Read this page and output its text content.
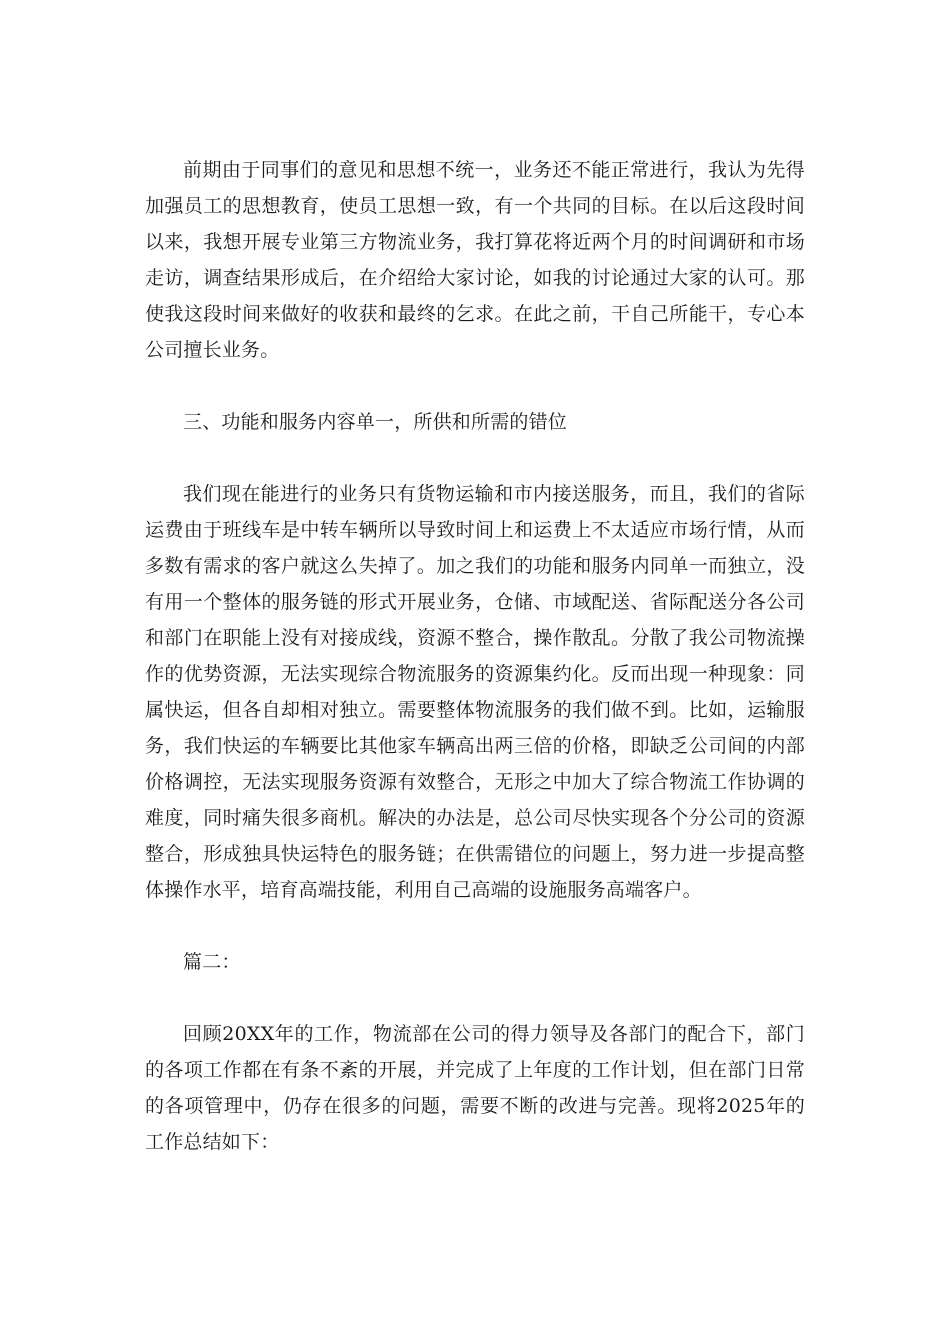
前期由于同事们的意见和思想不统一，业务还不能正常进行，我认为先得加强员工的思想教育，使员工思想一致，有一个共同的目标。在以后这段时间以来，我想开展专业第三方物流业务，我打算花将近两个月的时间调研和市场走访，调查结果形成后，在介绍给大家讨论，如我的讨论通过大家的认可。那使我这段时间来做好的收获和最终的乞求。在此之前，干自己所能干，专心本公司擅长业务。

三、功能和服务内容单一，所供和所需的错位

我们现在能进行的业务只有货物运输和市内接送服务，而且，我们的省际运费由于班线车是中转车辆所以导致时间上和运费上不太适应市场行情，从而多数有需求的客户就这么失掉了。加之我们的功能和服务内同单一而独立，没有用一个整体的服务链的形式开展业务，仓储、市域配送、省际配送分各公司和部门在职能上没有对接成线，资源不整合，操作散乱。分散了我公司物流操作的优势资源，无法实现综合物流服务的资源集约化。反而出现一种现象：同属快运，但各自却相对独立。需要整体物流服务的我们做不到。比如，运输服务，我们快运的车辆要比其他家车辆高出两三倍的价格，即缺乏公司间的内部价格调控，无法实现服务资源有效整合，无形之中加大了综合物流工作协调的难度，同时痛失很多商机。解决的办法是，总公司尽快实现各个分公司的资源整合，形成独具快运特色的服务链；在供需错位的问题上，努力进一步提高整体操作水平，培育高端技能，利用自己高端的设施服务高端客户。

篇二：

回顾20XX年的工作，物流部在公司的得力领导及各部门的配合下，部门的各项工作都在有条不紊的开展，并完成了上年度的工作计划，但在部门日常的各项管理中，仍存在很多的问题，需要不断的改进与完善。现将2025年的工作总结如下：
